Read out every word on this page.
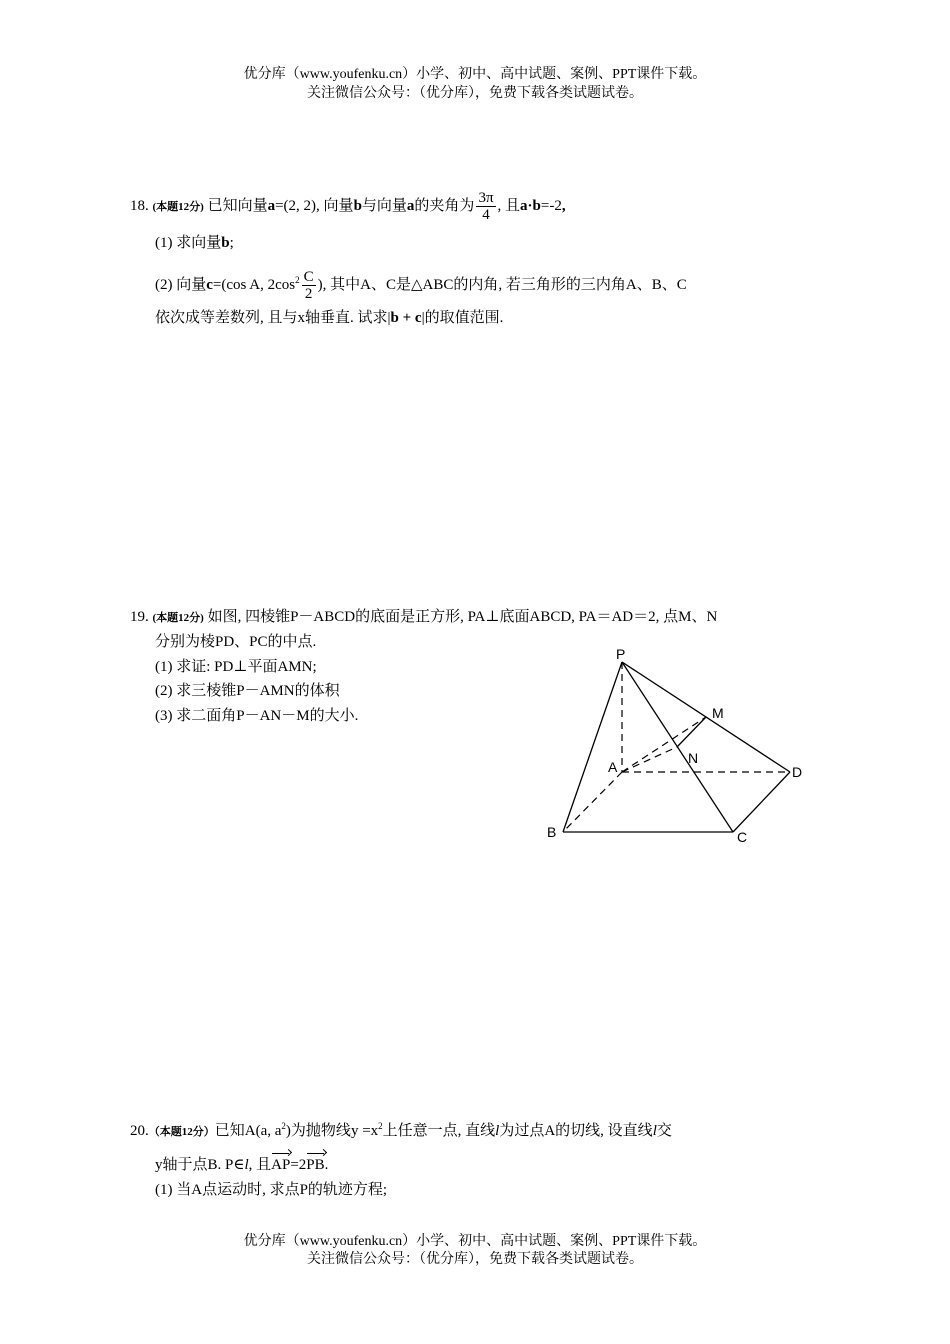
优分库（www.youfenku.cn）小学、初中、高中试题、案例、PPT课件下载。
关注微信公众号：（优分库），免费下载各类试题试卷。
18. (本题12分) 已知向量a=(2, 2), 向量b与向量a的夹角为 $\frac{3\pi}{4}$ , 且a·b=-2,
(1) 求向量b;
(2) 向量c=(cos A, $2\cos^2 \frac{C}{2}$ ), 其中A、C是△ABC的内角, 若三角形的三内角A、B、C
依次成等差数列, 且与x轴垂直. 试求|b + c|的取值范围.
19. (本题12分) 如图, 四棱锥P－ABCD的底面是正方形, PA⊥底面ABCD, PA＝AD＝2, 点M、N
分别为棱PD、PC的中点.
(1) 求证: PD⊥平面AMN;
(2) 求三棱锥P－AMN的体积
(3) 求二面角P－AN－M的大小.
P
M
N
A	D
B	C
20.（本题12分）已知A(a, $a^2$)为抛物线$y =x^2$上任意一点, 直线l为过点A的切线, 设直线l交
y轴于点B. P∈l, 且AP=2PB.
(1) 当A点运动时, 求点P的轨迹方程;
优分库（www.youfenku.cn）小学、初中、高中试题、案例、PPT课件下载。
关注微信公众号：（优分库），免费下载各类试题试卷。
